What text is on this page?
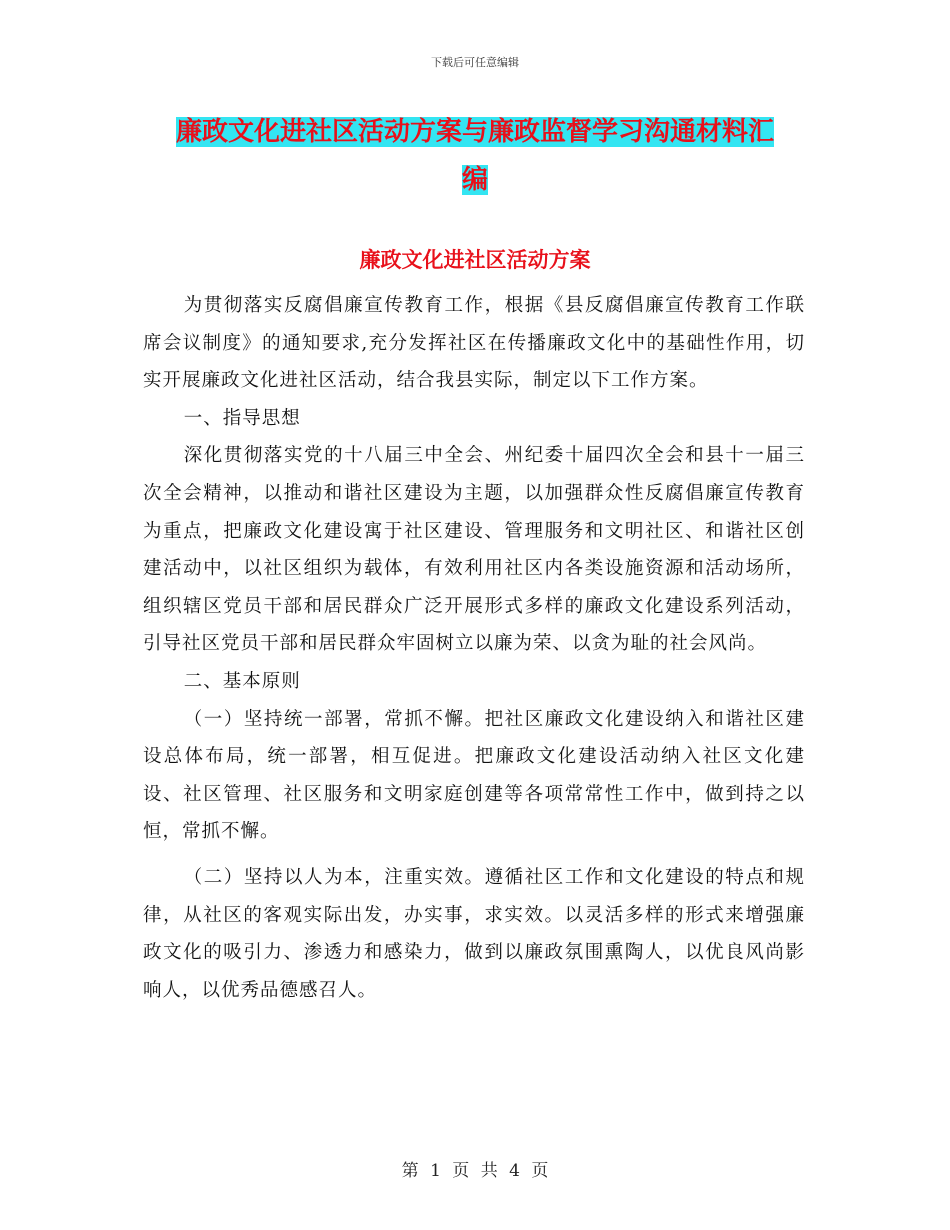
下载后可任意编辑
廉政文化进社区活动方案与廉政监督学习沟通材料汇
编
廉政文化进社区活动方案

为贯彻落实反腐倡廉宣传教育工作，根据《县反腐倡廉宣传教育工作联席会议制度》的通知要求,充分发挥社区在传播廉政文化中的基础性作用，切实开展廉政文化进社区活动，结合我县实际，制定以下工作方案。

一、指导思想

深化贯彻落实党的十八届三中全会、州纪委十届四次全会和县十一届三次全会精神，以推动和谐社区建设为主题，以加强群众性反腐倡廉宣传教育为重点，把廉政文化建设寓于社区建设、管理服务和文明社区、和谐社区创建活动中，以社区组织为载体，有效利用社区内各类设施资源和活动场所，组织辖区党员干部和居民群众广泛开展形式多样的廉政文化建设系列活动，引导社区党员干部和居民群众牢固树立以廉为荣、以贪为耻的社会风尚。

二、基本原则

（一）坚持统一部署，常抓不懈。把社区廉政文化建设纳入和谐社区建设总体布局，统一部署，相互促进。把廉政文化建设活动纳入社区文化建设、社区管理、社区服务和文明家庭创建等各项常常性工作中，做到持之以恒，常抓不懈。

（二）坚持以人为本，注重实效。遵循社区工作和文化建设的特点和规律，从社区的客观实际出发，办实事，求实效。以灵活多样的形式来增强廉政文化的吸引力、渗透力和感染力，做到以廉政氛围熏陶人，以优良风尚影响人，以优秀品德感召人。

第 1 页 共 4 页
